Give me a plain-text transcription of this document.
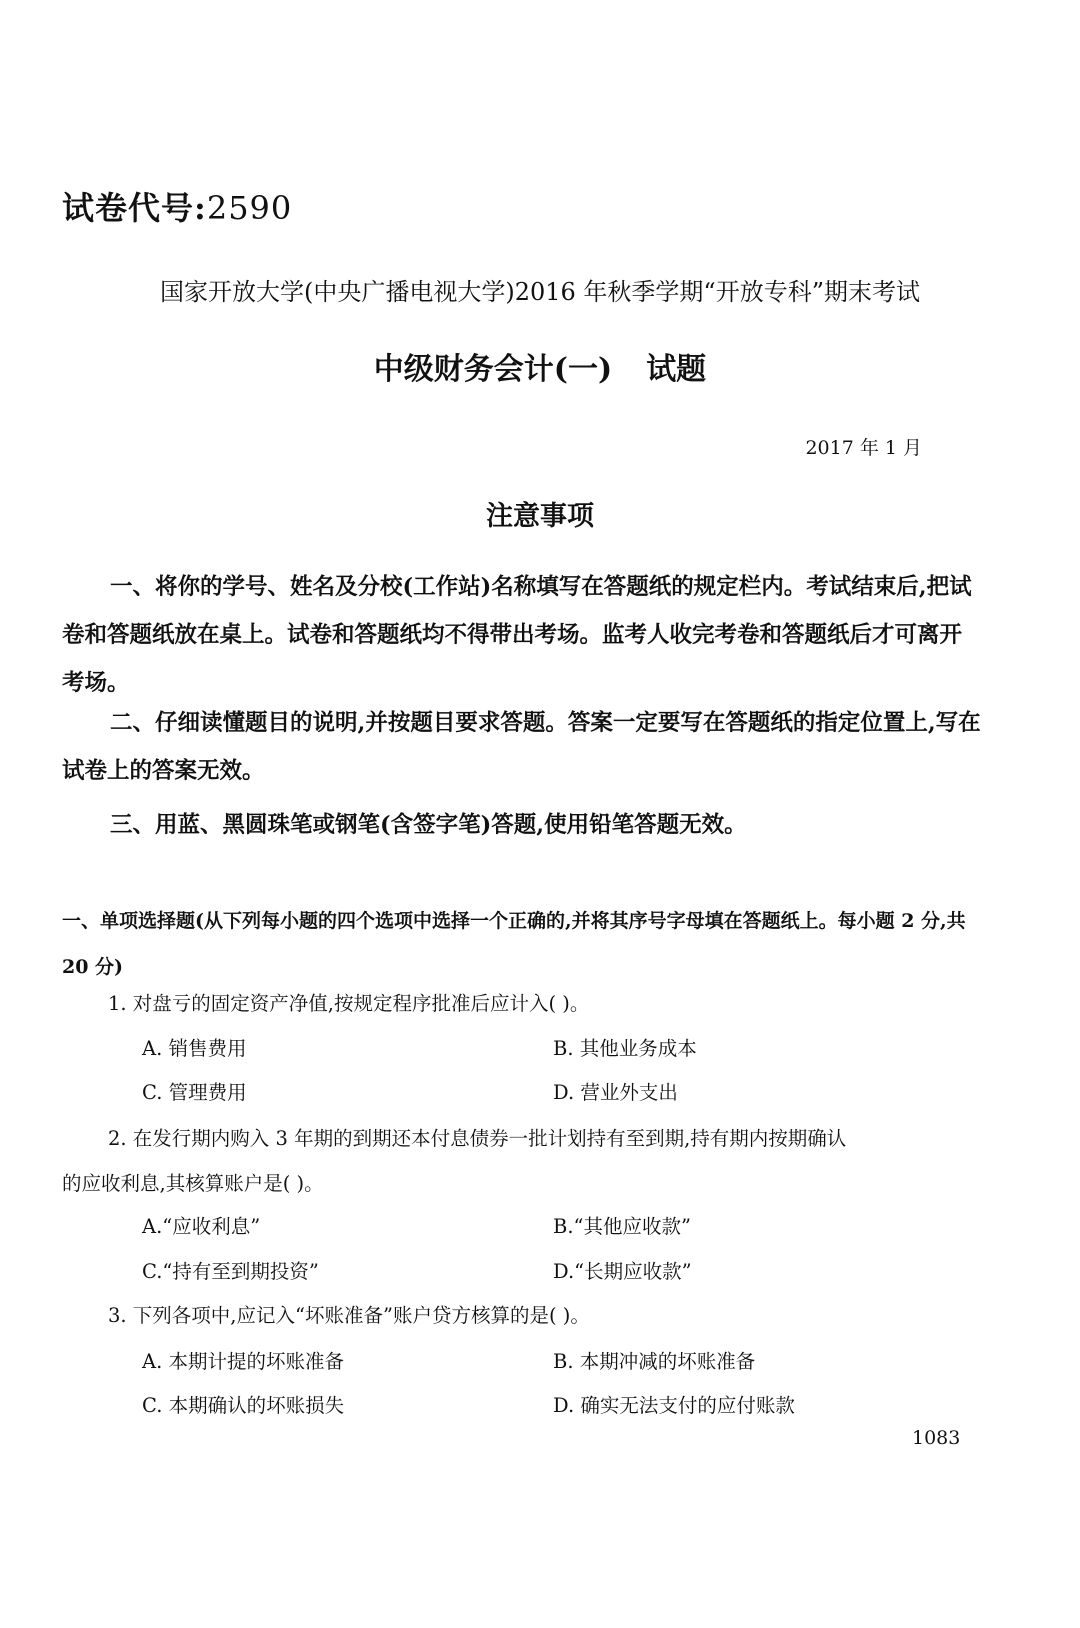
试卷代号:2590
国家开放大学(中央广播电视大学)2016 年秋季学期“开放专科”期末考试
中级财务会计(一) 试题
2017 年 1 月
注意事项
一、将你的学号、姓名及分校(工作站)名称填写在答题纸的规定栏内。考试结束后,把试卷和答题纸放在桌上。试卷和答题纸均不得带出考场。监考人收完考卷和答题纸后才可离开考场。
二、仔细读懂题目的说明,并按题目要求答题。答案一定要写在答题纸的指定位置上,写在试卷上的答案无效。
三、用蓝、黑圆珠笔或钢笔(含签字笔)答题,使用铅笔答题无效。
一、单项选择题(从下列每小题的四个选项中选择一个正确的,并将其序号字母填在答题纸上。每小题 2 分,共 20 分)
1. 对盘亏的固定资产净值,按规定程序批准后应计入( )。
A. 销售费用	B. 其他业务成本
C. 管理费用	D. 营业外支出
2. 在发行期内购入 3 年期的到期还本付息债券一批计划持有至到期,持有期内按期确认
的应收利息,其核算账户是( )。
A.“应收利息”	B.“其他应收款”
C.“持有至到期投资”	D.“长期应收款”
3. 下列各项中,应记入“坏账准备”账户贷方核算的是( )。
A. 本期计提的坏账准备	B. 本期冲减的坏账准备
C. 本期确认的坏账损失	D. 确实无法支付的应付账款
1083
